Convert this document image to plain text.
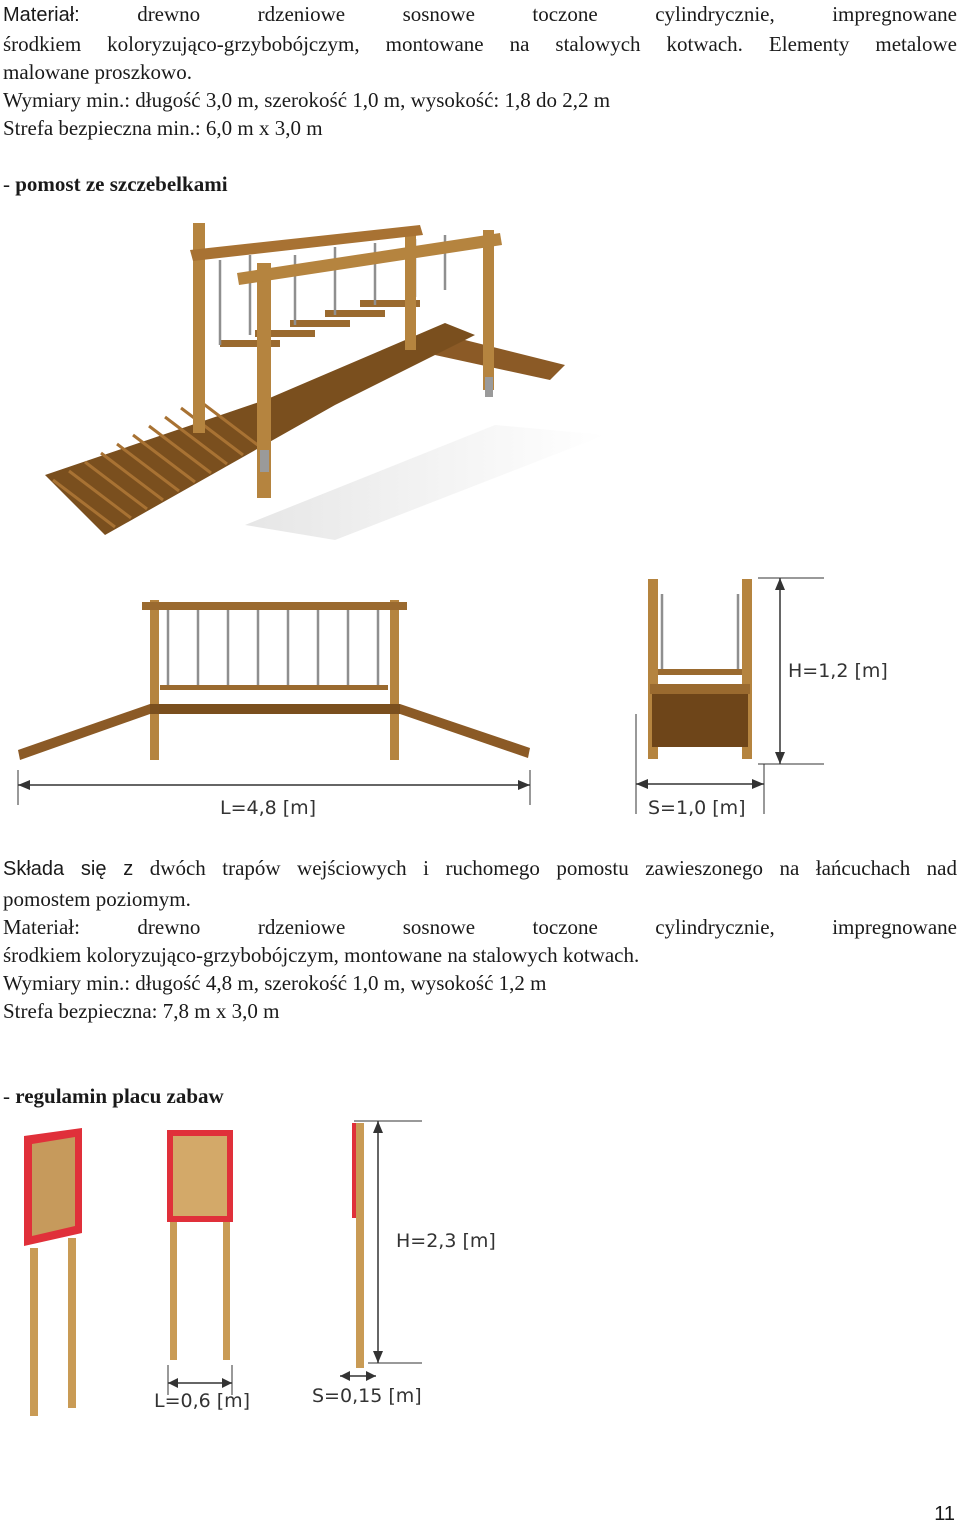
Materiał:	drewno rdzeniowe sosnowe toczone cylindrycznie, impregnowane

środkiem koloryzująco-grzybobójczym, montowane na stalowych kotwach. Elementy metalowe

malowane proszkowo.

Wymiary min.: długość 3,0 m, szerokość 1,0 m, wysokość: 1,8 do 2,2 m

Strefa bezpieczna min.: 6,0 m x 3,0 m

- pomost ze szczebelkami
L=4,8 [m]
H=1,2 [m]
S=1,0 [m]

Składa się z dwóch trapów wejściowych i ruchomego pomostu zawieszonego na łańcuchach nad

pomostem poziomym.

Materiał: drewno rdzeniowe sosnowe toczone cylindrycznie, impregnowane

środkiem koloryzująco-grzybobójczym, montowane na stalowych kotwach.

Wymiary min.: długość 4,8 m, szerokość 1,0 m, wysokość 1,2 m

Strefa bezpieczna: 7,8 m x 3,0 m

- regulamin placu zabaw
L=0,6 [m]
H=2,3 [m]
S=0,15 [m]
11
